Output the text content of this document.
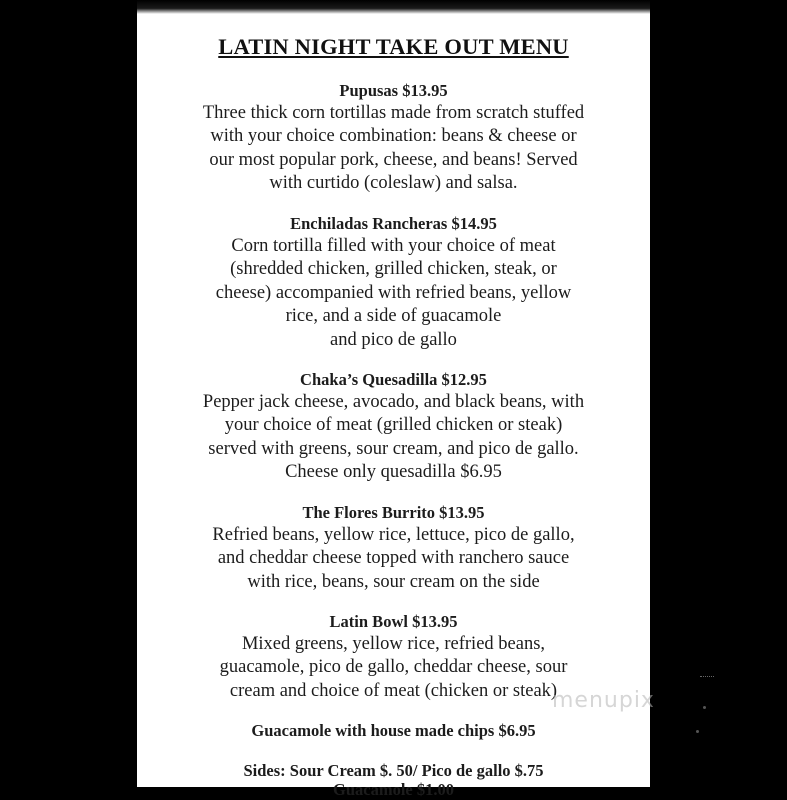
LATIN NIGHT TAKE OUT MENU
Pupusas $13.95
Three thick corn tortillas made from scratch stuffed
with your choice combination: beans & cheese or
our most popular pork, cheese, and beans! Served
with curtido (coleslaw) and salsa.
Enchiladas Rancheras $14.95
Corn tortilla filled with your choice of meat
(shredded chicken, grilled chicken, steak, or
cheese) accompanied with refried beans, yellow
rice, and a side of guacamole
and pico de gallo
Chaka’s Quesadilla $12.95
Pepper jack cheese, avocado, and black beans, with
your choice of meat (grilled chicken or steak)
served with greens, sour cream, and pico de gallo.
Cheese only quesadilla $6.95
The Flores Burrito $13.95
Refried beans, yellow rice, lettuce, pico de gallo,
and cheddar cheese topped with ranchero sauce
with rice, beans, sour cream on the side
Latin Bowl $13.95
Mixed greens, yellow rice, refried beans,
guacamole, pico de gallo, cheddar cheese, sour
cream and choice of meat (chicken or steak)
Guacamole with house made chips $6.95
Sides: Sour Cream $. 50/ Pico de gallo $.75
Guacamole $1.00
menupix
